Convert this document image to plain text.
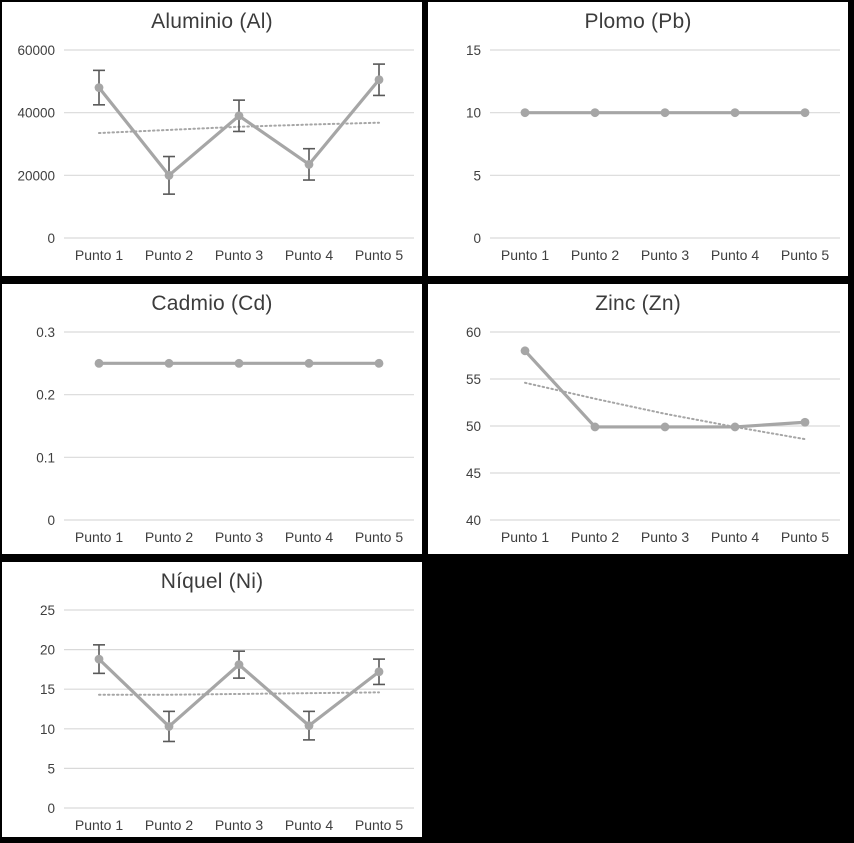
Aluminio (Al)
0
20000
40000
60000
Punto 1 Punto 2 Punto 3 Punto 4 Punto 5
Plomo (Pb)
0
5
10
15
Punto 1 Punto 2 Punto 3 Punto 4 Punto 5
Cadmio (Cd)
0
0.1
0.2
0.3
Punto 1 Punto 2 Punto 3 Punto 4 Punto 5
Zinc (Zn)
40
45
50
55
60
Punto 1 Punto 2 Punto 3 Punto 4 Punto 5
Níquel (Ni)
0
5
10
15
20
25
Punto 1 Punto 2 Punto 3 Punto 4 Punto 5
